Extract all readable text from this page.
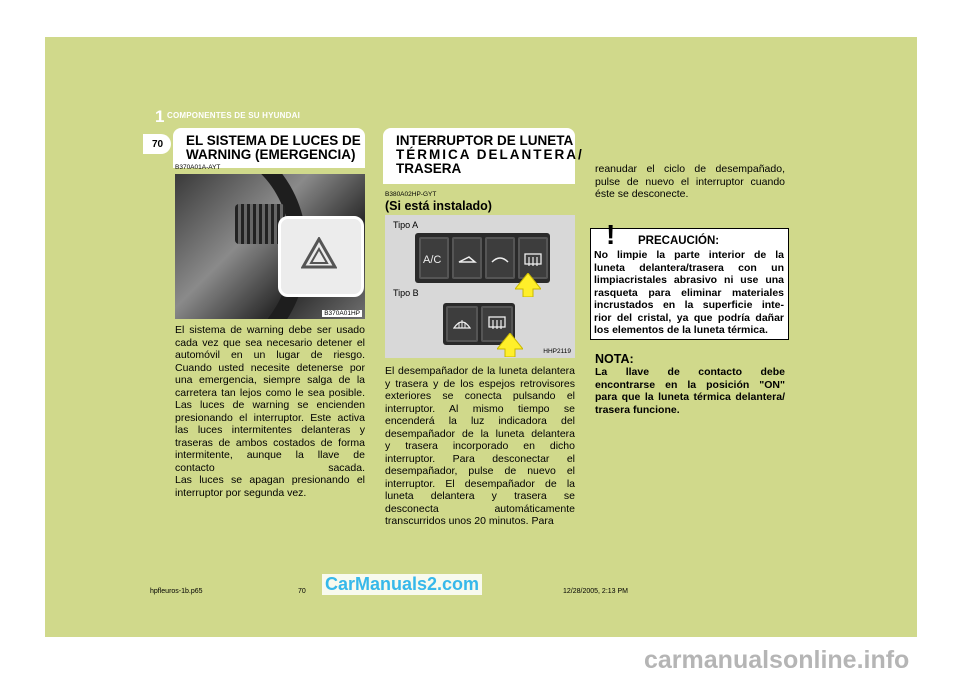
1 COMPONENTES DE SU HYUNDAI
70 EL SISTEMA DE LUCES DE
WARNING (EMERGENCIA)
B370A01A-AYT
B370A01HP
El sistema de warning debe ser usado
cada vez que sea necesario detener el
automóvil en un lugar de riesgo.
Cuando usted necesite detenerse por
una emergencia, siempre salga de la
carretera tan lejos como le sea posible.
Las luces de warning se encienden
presionando el interruptor. Este activa
las luces intermitentes delanteras y
traseras de ambos costados de forma
intermitente, aunque la llave de
contacto sacada.
Las luces se apagan presionando el
interruptor por segunda vez.
INTERRUPTOR DE LUNETA
TÉRMICA DELANTERA/
TRASERA
B380A02HP-GYT
(Si está instalado)
Tipo A
Tipo B
A/C
HHP2119
El desempañador de la luneta delantera
y trasera y de los espejos retrovisores
exteriores se conecta pulsando el
interruptor. Al mismo tiempo se
encenderá la luz indicadora del
desempañador de la luneta delantera
y trasera incorporado en dicho
interruptor. Para desconectar el
desempañador, pulse de nuevo el
interruptor. El desempañador de la
luneta delantera y trasera se
desconecta automáticamente
transcurridos unos 20 minutos. Para
reanudar el ciclo de desempañado,
pulse de nuevo el interruptor cuando
éste se desconecte.
! PRECAUCIÓN:
No limpie la parte interior de la
luneta delantera/trasera con un
limpiacristales abrasivo ni use una
rasqueta para eliminar materiales
incrustados en la superficie inte-
rior del cristal, ya que podría dañar
los elementos de la luneta térmica.
NOTA:
La llave de contacto debe
encontrarse en la posición "ON"
para que la luneta térmica delantera/
trasera funcione.
hpfleuros-1b.p65	70	12/28/2005, 2:13 PM
CarManuals2.com
carmanualsonline.info
